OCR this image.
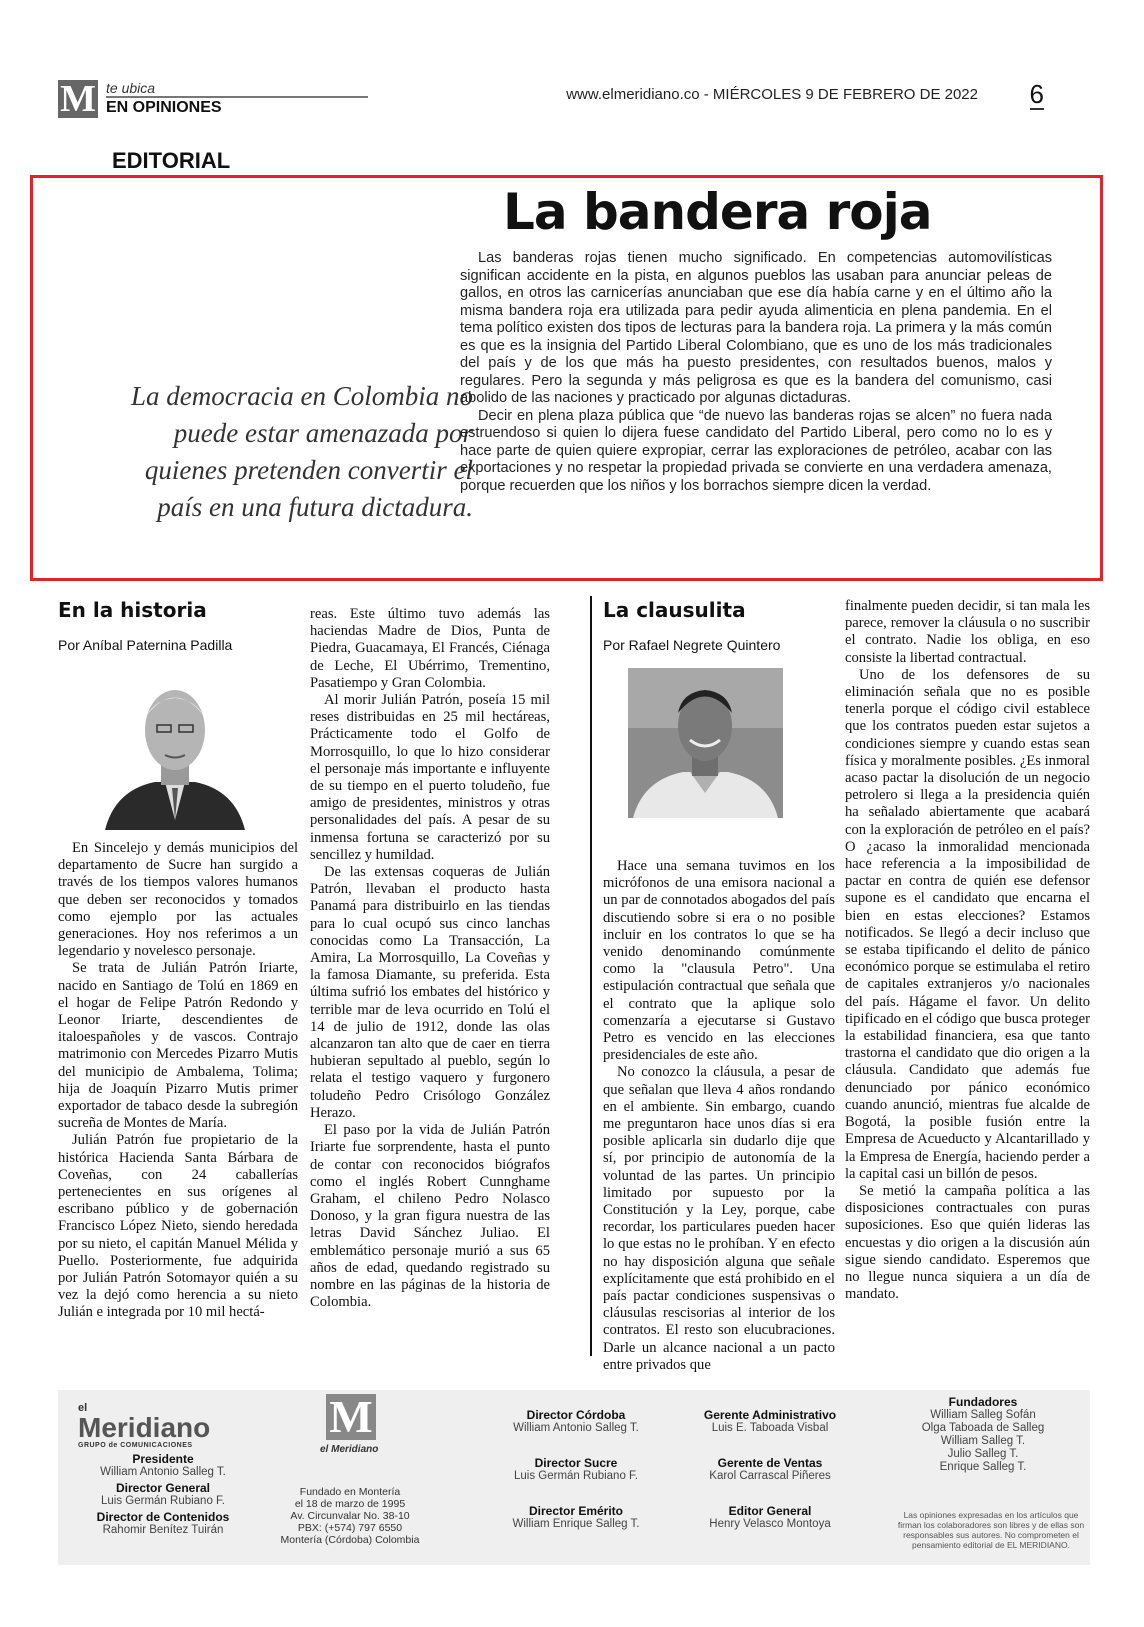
M te ubica
EN OPINIONES
www.elmeridiano.co - MIÉRCOLES 9 DE FEBRERO DE 2022 6
EDITORIAL
La bandera roja
La democracia en Colombia no puede estar amenazada por quienes pretenden convertir el país en una futura dictadura.

Las banderas rojas tienen mucho significado. En competencias automovilísticas significan accidente en la pista, en algunos pueblos las usaban para anunciar peleas de gallos, en otros las carnicerías anunciaban que ese día había carne y en el último año la misma bandera roja era utilizada para pedir ayuda alimenticia en plena pandemia. En el tema político existen dos tipos de lecturas para la bandera roja. La primera y la más común es que es la insignia del Partido Liberal Colombiano, que es uno de los más tradicionales del país y de los que más ha puesto presidentes, con resultados buenos, malos y regulares. Pero la segunda y más peligrosa es que es la bandera del comunismo, casi abolido de las naciones y practicado por algunas dictaduras.

Decir en plena plaza pública que “de nuevo las banderas rojas se alcen” no fuera nada estruendoso si quien lo dijera fuese candidato del Partido Liberal, pero como no lo es y hace parte de quien quiere expropiar, cerrar las exploraciones de petróleo, acabar con las exportaciones y no respetar la propiedad privada se convierte en una verdadera amenaza, porque recuerden que los niños y los borrachos siempre dicen la verdad.

En la historia
Por Aníbal Paternina Padilla

En Sincelejo y demás municipios del departamento de Sucre han surgido a través de los tiempos valores humanos que deben ser reconocidos y tomados como ejemplo por las actuales generaciones. Hoy nos referimos a un legendario y novelesco personaje.

Se trata de Julián Patrón Iriarte, nacido en Santiago de Tolú en 1869 en el hogar de Felipe Patrón Redondo y Leonor Iriarte, descendientes de italoespañoles y de vascos. Contrajo matrimonio con Mercedes Pizarro Mutis del municipio de Ambalema, Tolima; hija de Joaquín Pizarro Mutis primer exportador de tabaco desde la subregión sucreña de Montes de María.

Julián Patrón fue propietario de la histórica Hacienda Santa Bárbara de Coveñas, con 24 caballerías pertenecientes en sus orígenes al escribano público y de gobernación Francisco López Nieto, siendo heredada por su nieto, el capitán Manuel Mélida y Puello. Posteriormente, fue adquirida por Julián Patrón Sotomayor quién a su vez la dejó como herencia a su nieto Julián e integrada por 10 mil hectá-

reas. Este último tuvo además las haciendas Madre de Dios, Punta de Piedra, Guacamaya, El Francés, Ciénaga de Leche, El Ubérrimo, Trementino, Pasatiempo y Gran Colombia.

Al morir Julián Patrón, poseía 15 mil reses distribuidas en 25 mil hectáreas, Prácticamente todo el Golfo de Morrosquillo, lo que lo hizo considerar el personaje más importante e influyente de su tiempo en el puerto toludeño, fue amigo de presidentes, ministros y otras personalidades del país. A pesar de su inmensa fortuna se caracterizó por su sencillez y humildad.

De las extensas coqueras de Julián Patrón, llevaban el producto hasta Panamá para distribuirlo en las tiendas para lo cual ocupó sus cinco lanchas conocidas como La Transacción, La Amira, La Morrosquillo, La Coveñas y la famosa Diamante, su preferida. Esta última sufrió los embates del histórico y terrible mar de leva ocurrido en Tolú el 14 de julio de 1912, donde las olas alcanzaron tan alto que de caer en tierra hubieran sepultado al pueblo, según lo relata el testigo vaquero y furgonero toludeño Pedro Crisólogo González Herazo.

El paso por la vida de Julián Patrón Iriarte fue sorprendente, hasta el punto de contar con reconocidos biógrafos como el inglés Robert Cunnghame Graham, el chileno Pedro Nolasco Donoso, y la gran figura nuestra de las letras David Sánchez Juliao. El emblemático personaje murió a sus 65 años de edad, quedando registrado su nombre en las páginas de la historia de Colombia.

La clausulita
Por Rafael Negrete Quintero

Hace una semana tuvimos en los micrófonos de una emisora nacional a un par de connotados abogados del país discutiendo sobre si era o no posible incluir en los contratos lo que se ha venido denominando comúnmente como la "clausula Petro". Una estipulación contractual que señala que el contrato que la aplique solo comenzaría a ejecutarse si Gustavo Petro es vencido en las elecciones presidenciales de este año.

No conozco la cláusula, a pesar de que señalan que lleva 4 años rondando en el ambiente. Sin embargo, cuando me preguntaron hace unos días si era posible aplicarla sin dudarlo dije que sí, por principio de autonomía de la voluntad de las partes. Un principio limitado por supuesto por la Constitución y la Ley, porque, cabe recordar, los particulares pueden hacer lo que estas no le prohíban. Y en efecto no hay disposición alguna que señale explícitamente que está prohibido en el país pactar condiciones suspensivas o cláusulas rescisorias al interior de los contratos. El resto son elucubraciones. Darle un alcance nacional a un pacto entre privados que

finalmente pueden decidir, si tan mala les parece, remover la cláusula o no suscribir el contrato. Nadie los obliga, en eso consiste la libertad contractual.

Uno de los defensores de su eliminación señala que no es posible tenerla porque el código civil establece que los contratos pueden estar sujetos a condiciones siempre y cuando estas sean física y moralmente posibles. ¿Es inmoral acaso pactar la disolución de un negocio petrolero si llega a la presidencia quién ha señalado abiertamente que acabará con la exploración de petróleo en el país? O ¿acaso la inmoralidad mencionada hace referencia a la imposibilidad de pactar en contra de quién ese defensor supone es el candidato que encarna el bien en estas elecciones? Estamos notificados. Se llegó a decir incluso que se estaba tipificando el delito de pánico económico porque se estimulaba el retiro de capitales extranjeros y/o nacionales del país. Hágame el favor. Un delito tipificado en el código que busca proteger la estabilidad financiera, esa que tanto trastorna el candidato que dio origen a la cláusula. Candidato que además fue denunciado por pánico económico cuando anunció, mientras fue alcalde de Bogotá, la posible fusión entre la Empresa de Acueducto y Alcantarillado y la Empresa de Energía, haciendo perder a la capital casi un billón de pesos.

Se metió la campaña política a las disposiciones contractuales con puras suposiciones. Eso que quién lideras las encuestas y dio origen a la discusión aún sigue siendo candidato. Esperemos que no llegue nunca siquiera a un día de mandato.

el
Meridiano
GRUPO de COMUNICACIONES
Presidente
William Antonio Salleg T.
Director General
Luis Germán Rubiano F.
Director de Contenidos
Rahomir Benítez Tuirán
M
el Meridiano
Fundado en Montería
el 18 de marzo de 1995
Av. Circunvalar No. 38-10
PBX: (+574) 797 6550
Montería (Córdoba) Colombia
Director Córdoba
William Antonio Salleg T.
Director Sucre
Luis Germán Rubiano F.
Director Emérito
William Enrique Salleg T.
Gerente Administrativo
Luis E. Taboada Visbal
Gerente de Ventas
Karol Carrascal Piñeres
Editor General
Henry Velasco Montoya
Fundadores
William Salleg Sofán
Olga Taboada de Salleg
William Salleg T.
Julio Salleg T.
Enrique Salleg T.
Las opiniones expresadas en los artículos que firman los colaboradores son libres y de ellas son responsables sus autores. No comprometen el pensamiento editorial de EL MERIDIANO.
